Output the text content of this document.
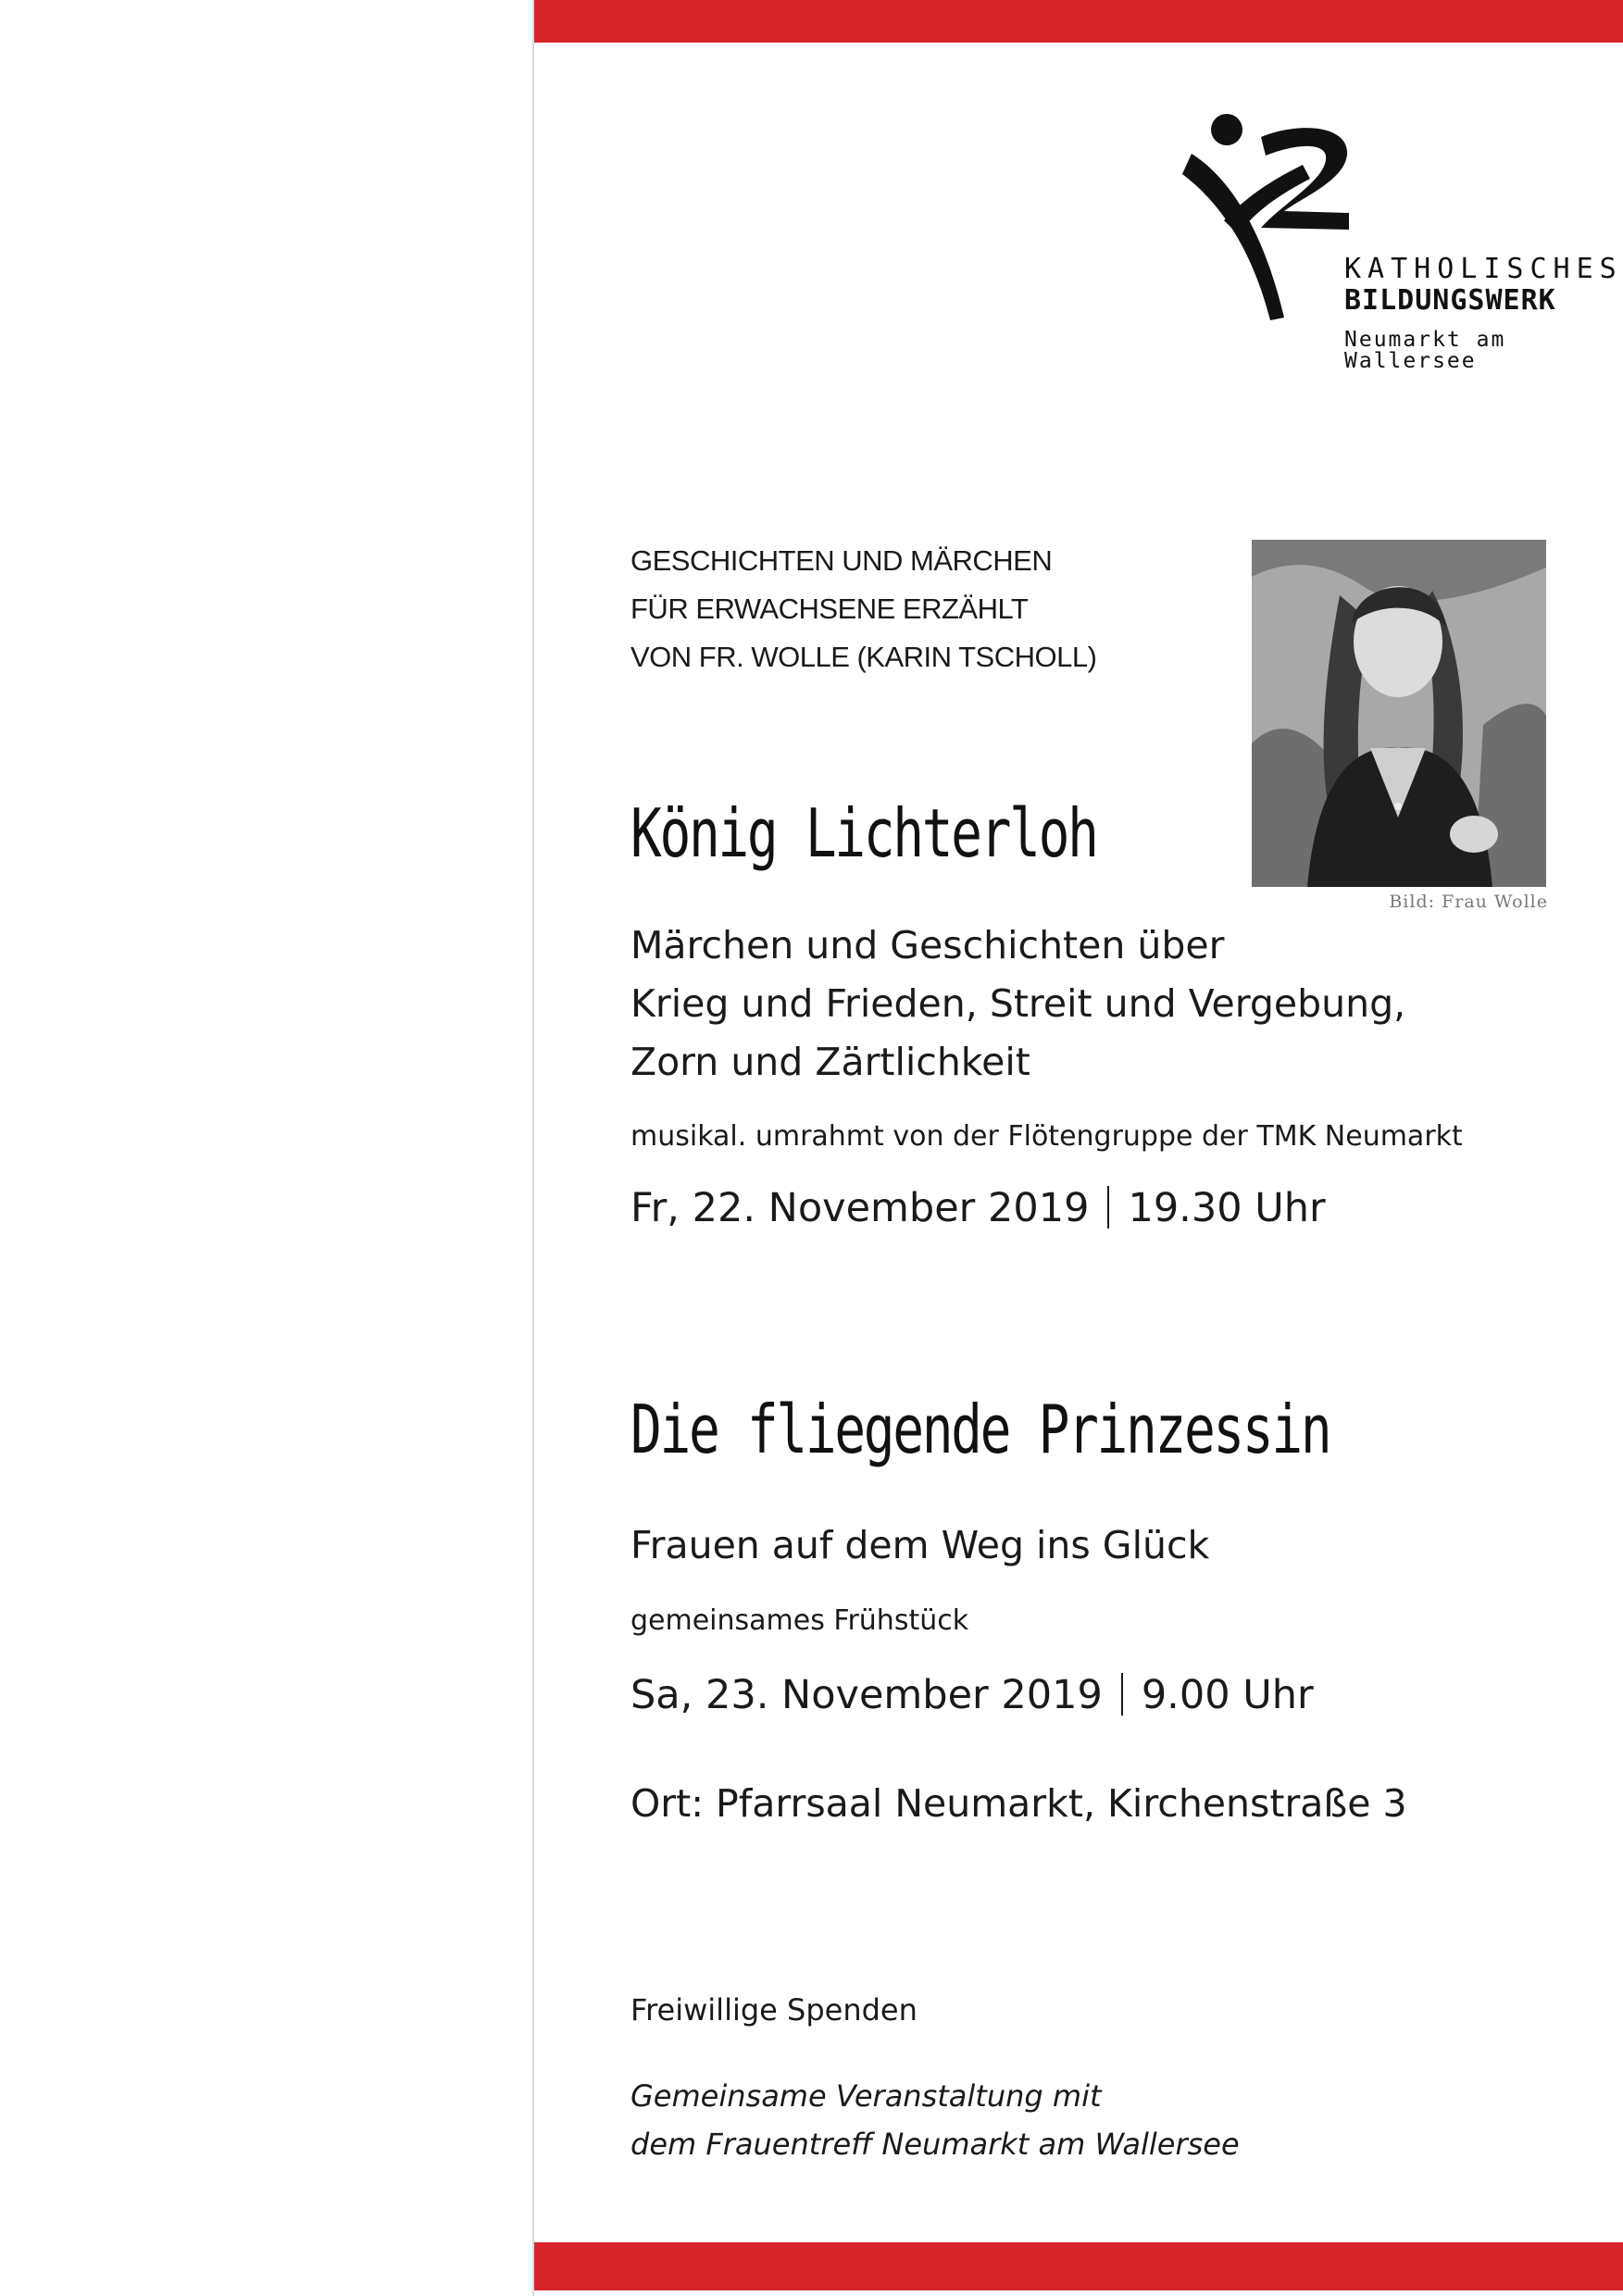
KATHOLISCHES
BILDUNGSWERK
Neumarkt am Wallersee
GESCHICHTEN UND MÄRCHEN
FÜR ERWACHSENE ERZÄHLT
VON FR. WOLLE (KARIN TSCHOLL)
Bild: Frau Wolle
König Lichterloh
Märchen und Geschichten über
Krieg und Frieden, Streit und Vergebung,
Zorn und Zärtlichkeit
musikal. umrahmt von der Flötengruppe der TMK Neumarkt
Fr, 22. November 2019 19.30 Uhr
Die fliegende Prinzessin
Frauen auf dem Weg ins Glück
gemeinsames Frühstück
Sa, 23. November 2019 9.00 Uhr
Ort: Pfarrsaal Neumarkt, Kirchenstraße 3
Freiwillige Spenden
Gemeinsame Veranstaltung mit
dem Frauentreff Neumarkt am Wallersee
